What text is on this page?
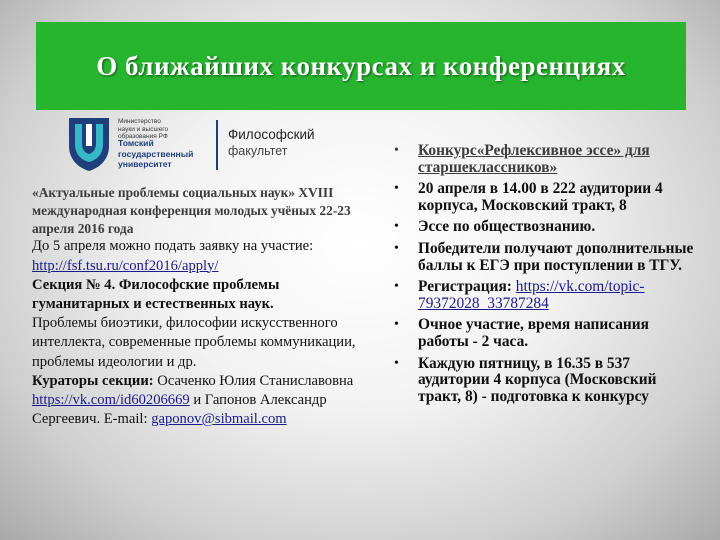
О ближайших конкурсах и конференциях
Министерство
науки и высшего
образования РФ
Томский
государственный
университет
Философский
факультет

«Актуальные проблемы социальных наук» XVIII международная конференция молодых учёных 22-23 апреля 2016 года

До 5 апреля можно подать заявку на участие: http://fsf.tsu.ru/conf2016/apply/

Секция № 4. Философские проблемы гуманитарных и естественных наук.

Проблемы биоэтики, философии искусственного интеллекта, современные проблемы коммуникации, проблемы идеологии и др.

Кураторы секции: Осаченко Юлия Станиславовна https://vk.com/id60206669 и Гапонов Александр Сергеевич. E-mail: gaponov@sibmail.com

• Конкурс«Рефлексивное эссе» для старшеклассников»
• 20 апреля в 14.00 в 222 аудитории 4 корпуса, Московский тракт, 8
• Эссе по обществознанию.
• Победители получают дополнительные баллы к ЕГЭ при поступлении в ТГУ.
• Регистрация: https://vk.com/topic-79372028_33787284
• Очное участие, время написания работы - 2 часа.
• Каждую пятницу, в 16.35 в 537 аудитории 4 корпуса (Московский тракт, 8) - подготовка к конкурсу
